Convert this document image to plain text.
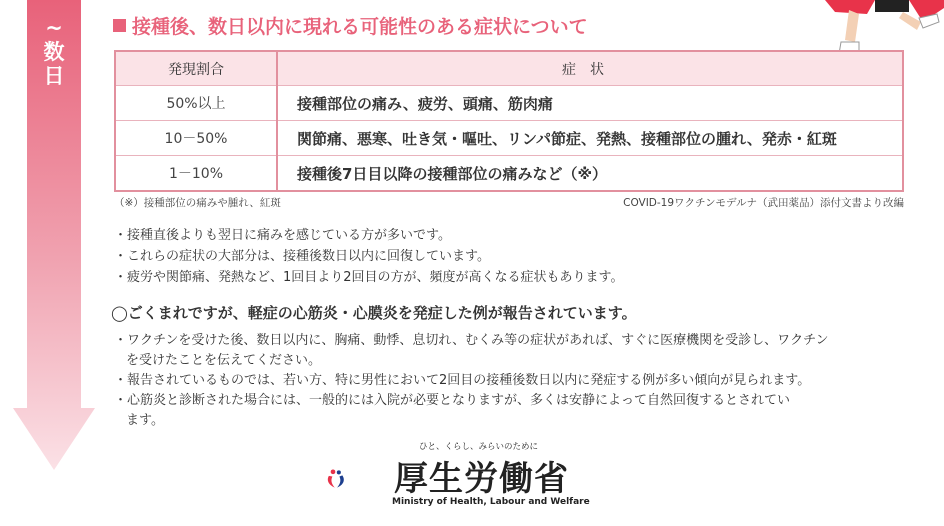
~
数
日
接種後、数日以内に現れる可能性のある症状について
発現割合	症状
50%以上	接種部位の痛み、疲労、頭痛、筋肉痛
10－50%	関節痛、悪寒、吐き気・嘔吐、リンパ節症、発熱、接種部位の腫れ、発赤・紅斑
1－10%	接種後7日目以降の接種部位の痛みなど（※）
（※）接種部位の痛みや腫れ、紅斑	COVID-19ワクチンモデルナ（武田薬品）添付文書より改編
・接種直後よりも翌日に痛みを感じている方が多いです。
・これらの症状の大部分は、接種後数日以内に回復しています。
・疲労や関節痛、発熱など、1回目より2回目の方が、頻度が高くなる症状もあります。
◯ごくまれですが、軽症の心筋炎・心膜炎を発症した例が報告されています。
・ワクチンを受けた後、数日以内に、胸痛、動悸、息切れ、むくみ等の症状があれば、すぐに医療機関を受診し、ワクチン
を受けたことを伝えてください。
・報告されているものでは、若い方、特に男性において2回目の接種後数日以内に発症する例が多い傾向が見られます。
・心筋炎と診断された場合には、一般的には入院が必要となりますが、多くは安静によって自然回復するとされてい
ます。
ひと、くらし、みらいのために
厚生労働省
Ministry of Health, Labour and Welfare
